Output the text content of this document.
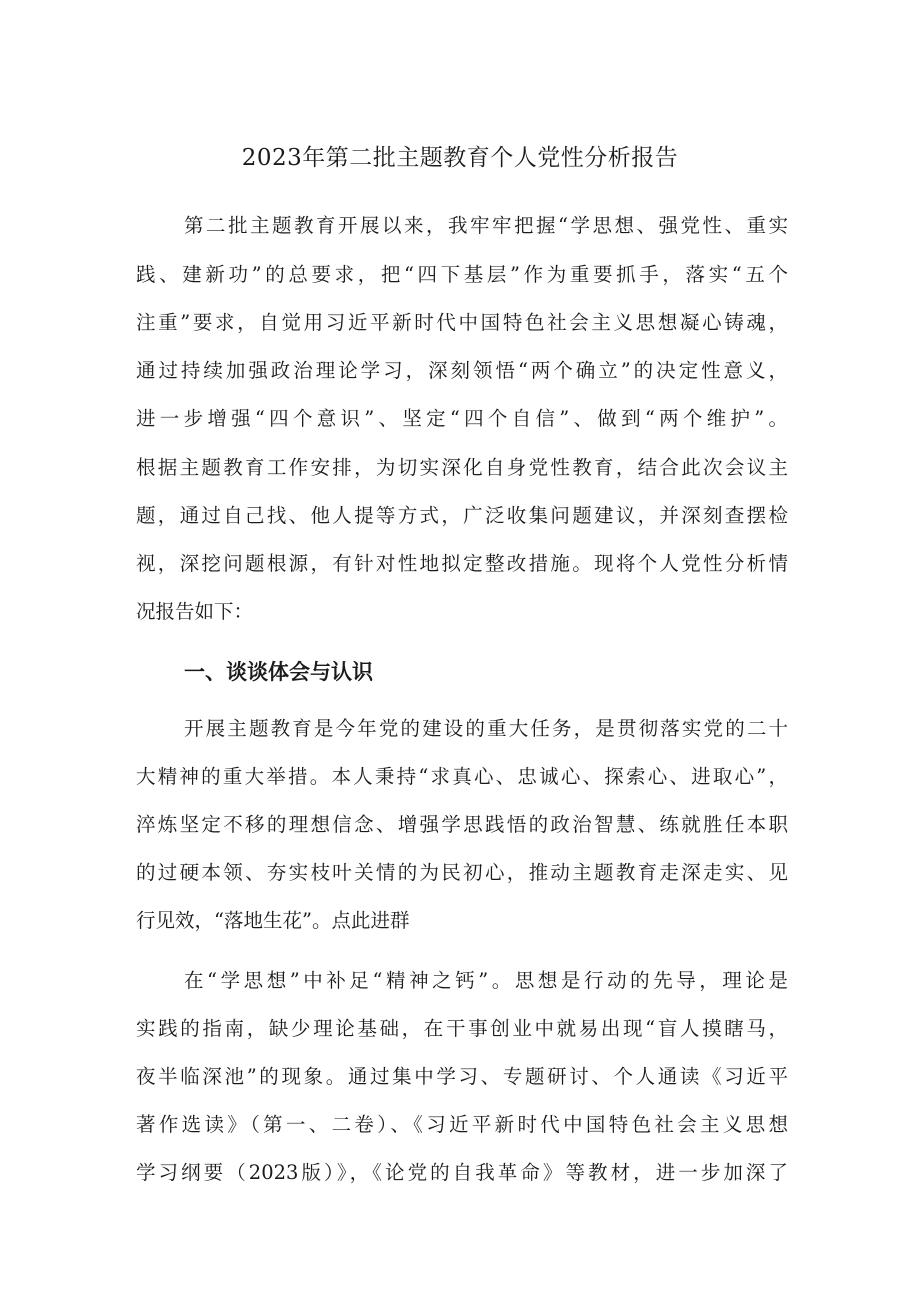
2023年第二批主题教育个人党性分析报告
第二批主题教育开展以来，我牢牢把握“学思想、强党性、重实
践、建新功”的总要求，把“四下基层”作为重要抓手，落实“五个
注重”要求，自觉用习近平新时代中国特色社会主义思想凝心铸魂，
通过持续加强政治理论学习，深刻领悟“两个确立”的决定性意义，
进一步增强“四个意识”、坚定“四个自信”、做到“两个维护”。
根据主题教育工作安排，为切实深化自身党性教育，结合此次会议主
题，通过自己找、他人提等方式，广泛收集问题建议，并深刻查摆检
视，深挖问题根源，有针对性地拟定整改措施。现将个人党性分析情
况报告如下：
一、谈谈体会与认识
开展主题教育是今年党的建设的重大任务，是贯彻落实党的二十
大精神的重大举措。本人秉持“求真心、忠诚心、探索心、进取心”，
淬炼坚定不移的理想信念、增强学思践悟的政治智慧、练就胜任本职
的过硬本领、夯实枝叶关情的为民初心，推动主题教育走深走实、见
行见效，“落地生花”。点此进群
在“学思想”中补足“精神之钙”。思想是行动的先导，理论是
实践的指南，缺少理论基础，在干事创业中就易出现“盲人摸瞎马，
夜半临深池”的现象。通过集中学习、专题研讨、个人通读《习近平
著作选读》（第一、二卷）、《习近平新时代中国特色社会主义思想
学习纲要（2023版）》，《论党的自我革命》等教材，进一步加深了
